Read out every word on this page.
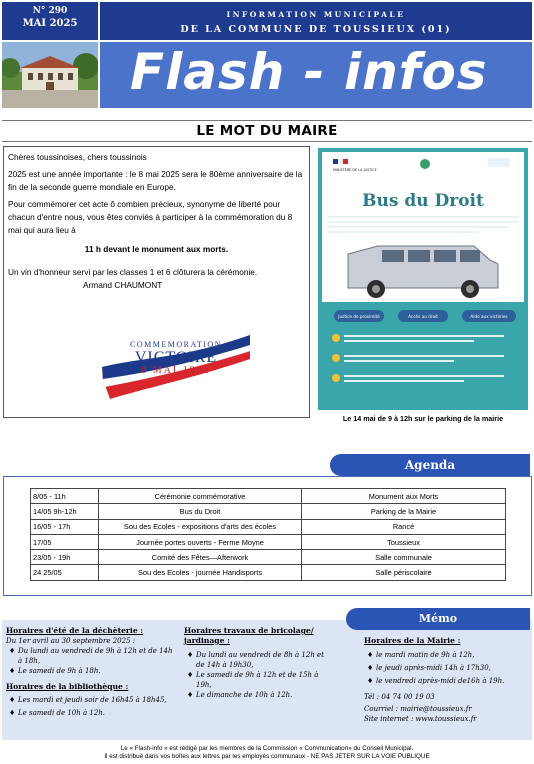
N° 290
MAI 2025
INFORMATION MUNICIPALE
DE LA COMMUNE DE TOUSSIEUX (01)
Flash - infos
LE MOT DU MAIRE

Chères toussinoises, chers toussinois

2025 est une année importante : le 8 mai 2025 sera le 80ème anniversaire de la fin de la seconde guerre mondiale en Europe.

Pour commémorer cet acte ô combien précieux, synonyme de liberté pour chacun d'entre nous, vous êtes conviés à participer à la commémoration du 8 mai qui aura lieu à

11 h devant le monument aux morts.

Un vin d'honneur servi par les classes 1 et 6 clôturera la cérémonie.
Armand CHAUMONT

COMMEMORATION
VICTOIRE
8 MAI 1945
MINISTÈRE DE LA JUSTICE
Bus du Droit
Justice de proximité	Accès au droit	Aide aux victimes
Le 14 mai de 9 à 12h sur le parking de la mairie
Agenda
8/05 - 11h	Cérémonie commémorative	Monument aux Morts
14/05 9h-12h	Bus du Droit	Parking de la Mairie
16/05 - 17h	Sou des Ecoles - expositions d'arts des écoles	Rancé
17/05	Journée portes ouverts - Ferme Moyne	Toussieux
23/05 - 19h	Comité des Fêtes—Afterwork	Salle communale
24 25/05	Sou des Ecoles - journée Handisports	Salle périscolaire
Mémo
Horaires d'été de la déchèterie :
Du 1er avril au 30 septembre 2025 :
♦ Du lundi au vendredi de 9h à 12h et de 14h à 18h,
♦ Le samedi de 9h à 18h.
Horaires de la bibliothèque :
♦ Les mardi et jeudi soir de 16h45 à 18h45,
♦ Le samedi de 10h à 12h.
Horaires travaux de bricolage/ jardinage :
♦ Du lundi au vendredi de 8h à 12h et de 14h à 19h30,
♦ Le samedi de 9h à 12h et de 15h à 19h,
♦ Le dimanche de 10h à 12h.
Horaires de la Mairie :
♦ le mardi matin de 9h à 12h,
♦ le jeudi après-midi 14h à 17h30,
♦ le vendredi après-midi de16h à 19h.
Tél : 04 74 00 19 03
Courriel : mairie@toussieux.fr
Site internet : www.toussieux.fr
Le « Flash-info » est rédigé par les membres de la Commission « Communication» du Conseil Municipal.
Il est distribué dans vos boîtes aux lettres par les employés communaux - NE PAS JETER SUR LA VOIE PUBLIQUE
